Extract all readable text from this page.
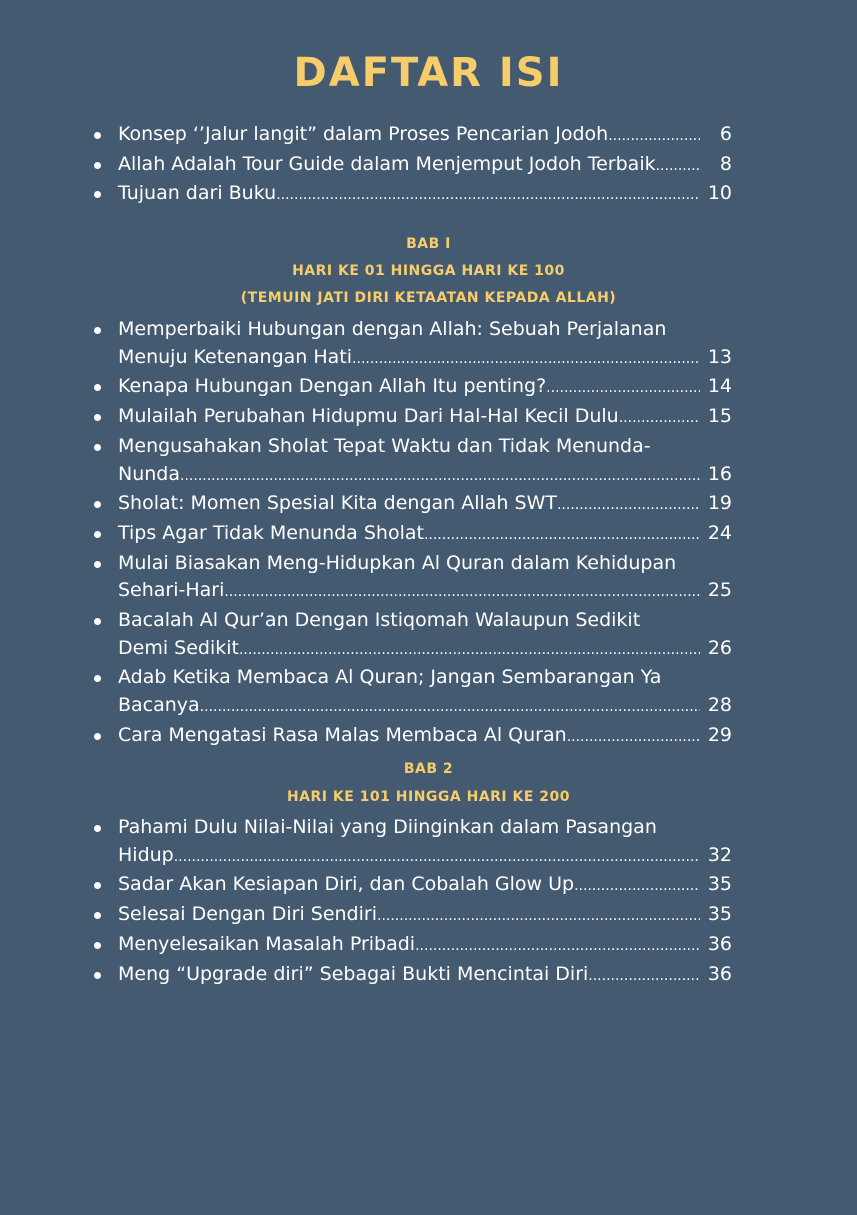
DAFTAR ISI
Konsep ‘’Jalur langit” dalam Proses Pencarian Jodoh .....	6
Allah Adalah Tour Guide dalam Menjemput Jodoh Terbaik .....	8
Tujuan dari Buku .....	10
BAB I
HARI KE 01 HINGGA HARI KE 100
(TEMUIN JATI DIRI KETAATAN KEPADA ALLAH)
Memperbaiki Hubungan dengan Allah: Sebuah Perjalanan
Menuju Ketenangan Hati .....	13
Kenapa Hubungan Dengan Allah Itu penting? .....	14
Mulailah Perubahan Hidupmu Dari Hal-Hal Kecil Dulu .....	15
Mengusahakan Sholat Tepat Waktu dan Tidak Menunda-
Nunda .....	16
Sholat: Momen Spesial Kita dengan Allah SWT .....	19
Tips Agar Tidak Menunda Sholat .....	24
Mulai Biasakan Meng-Hidupkan Al Quran dalam Kehidupan
Sehari-Hari .....	25
Bacalah Al Qur’an Dengan Istiqomah Walaupun Sedikit
Demi Sedikit .....	26
Adab Ketika Membaca Al Quran; Jangan Sembarangan Ya
Bacanya .....	28
Cara Mengatasi Rasa Malas Membaca Al Quran .....	29
BAB 2
HARI KE 101 HINGGA HARI KE 200
Pahami Dulu Nilai-Nilai yang Diinginkan dalam Pasangan
Hidup .....	32
Sadar Akan Kesiapan Diri, dan Cobalah Glow Up .....	35
Selesai Dengan Diri Sendiri .....	35
Menyelesaikan Masalah Pribadi .....	36
Meng “Upgrade diri” Sebagai Bukti Mencintai Diri .....	36
